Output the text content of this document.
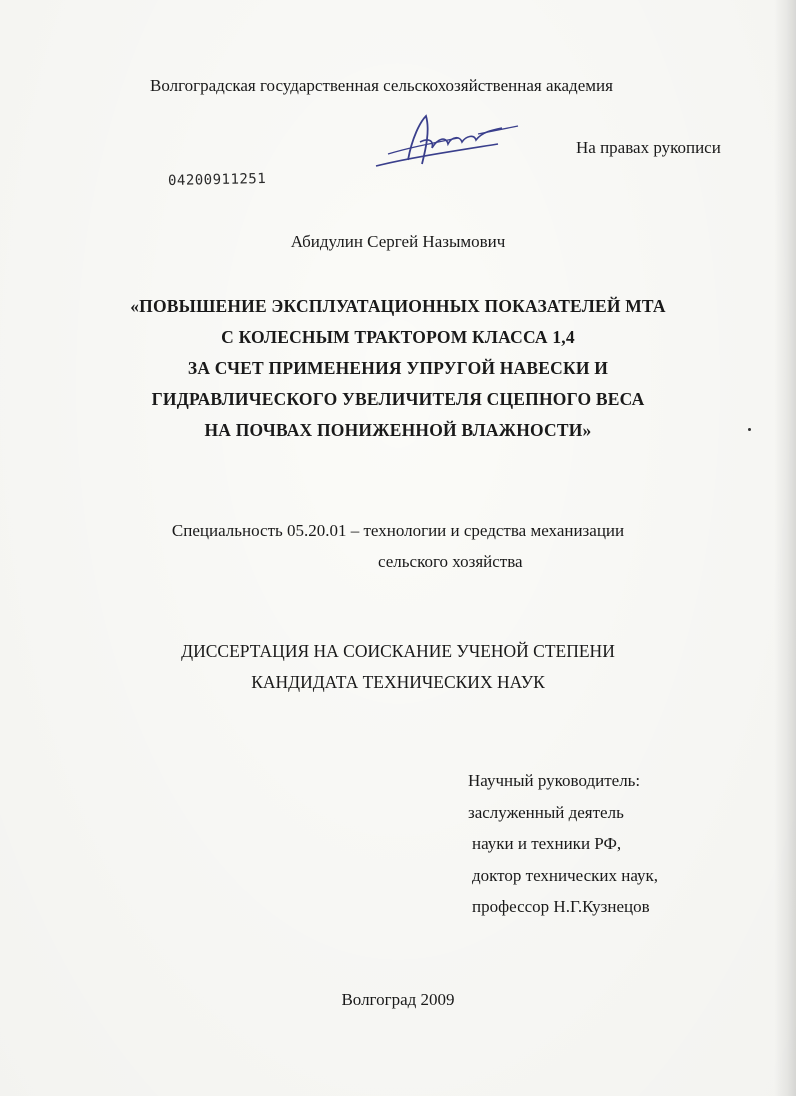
Волгоградская государственная сельскохозяйственная академия
На правах рукописи
04200911251
Абидулин Сергей Назымович
«ПОВЫШЕНИЕ ЭКСПЛУАТАЦИОННЫХ ПОКАЗАТЕЛЕЙ МТА
С КОЛЕСНЫМ ТРАКТОРОМ КЛАССА 1,4
ЗА СЧЕТ ПРИМЕНЕНИЯ УПРУГОЙ НАВЕСКИ И
ГИДРАВЛИЧЕСКОГО УВЕЛИЧИТЕЛЯ СЦЕПНОГО ВЕСА
НА ПОЧВАХ ПОНИЖЕННОЙ ВЛАЖНОСТИ»
Специальность 05.20.01 – технологии и средства механизации
сельского хозяйства
ДИССЕРТАЦИЯ НА СОИСКАНИЕ УЧЕНОЙ СТЕПЕНИ
КАНДИДАТА ТЕХНИЧЕСКИХ НАУК
Научный руководитель:
заслуженный деятель
науки и техники РФ,
доктор технических наук,
профессор Н.Г.Кузнецов
Волгоград 2009
